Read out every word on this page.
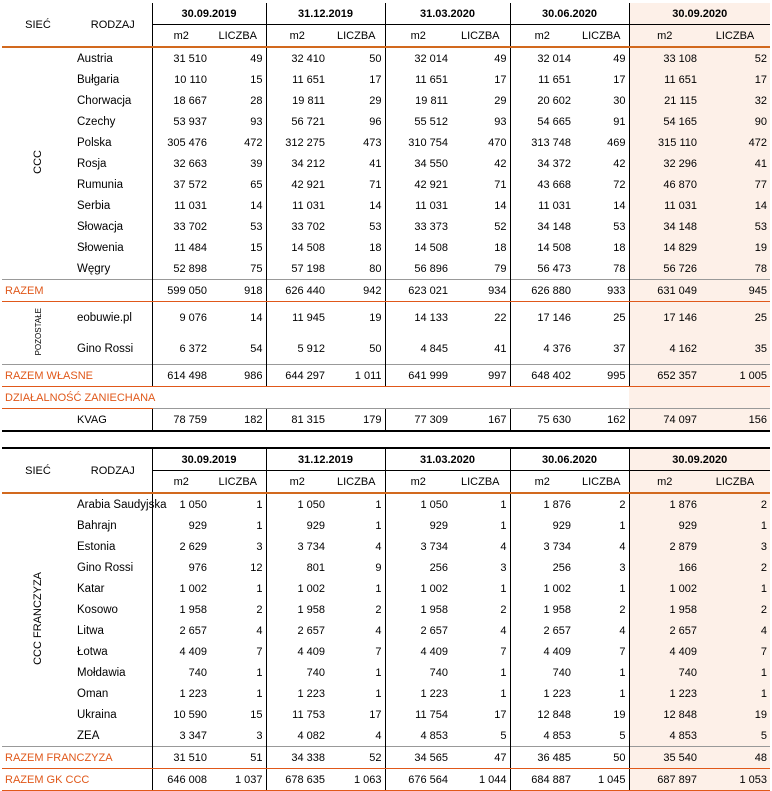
SIEĆ	RODZAJ	30.09.2019		31.12.2019		31.03.2020		30.06.2020		30.09.2020	
		m2	LICZBA	m2	LICZBA	m2	LICZBA	m2	LICZBA	m2	LICZBA
CCC	Austria	31 510	49	32 410	50	32 014	49	32 014	49	33 108	52
	Bułgaria	10 110	15	11 651	17	11 651	17	11 651	17	11 651	17
	Chorwacja	18 667	28	19 811	29	19 811	29	20 602	30	21 115	32
	Czechy	53 937	93	56 721	96	55 512	93	54 665	91	54 165	90
	Polska	305 476	472	312 275	473	310 754	470	313 748	469	315 110	472
	Rosja	32 663	39	34 212	41	34 550	42	34 372	42	32 296	41
	Rumunia	37 572	65	42 921	71	42 921	71	43 668	72	46 870	77
	Serbia	11 031	14	11 031	14	11 031	14	11 031	14	11 031	14
	Słowacja	33 702	53	33 702	53	33 373	52	34 148	53	34 148	53
	Słowenia	11 484	15	14 508	18	14 508	18	14 508	18	14 829	19
	Węgry	52 898	75	57 198	80	56 896	79	56 473	78	56 726	78
RAZEM		599 050	918	626 440	942	623 021	934	626 880	933	631 049	945
POZOSTAŁE	eobuwie.pl	9 076	14	11 945	19	14 133	22	17 146	25	17 146	25
	Gino Rossi	6 372	54	5 912	50	4 845	41	4 376	37	4 162	35
RAZEM WŁASNE		614 498	986	644 297	1 011	641 999	997	648 402	995	652 357	1 005
DZIAŁALNOŚĆ ZANIECHANA											
	KVAG	78 759	182	81 315	179	77 309	167	75 630	162	74 097	156
SIEĆ	RODZAJ	30.09.2019		31.12.2019		31.03.2020		30.06.2020		30.09.2020	
		m2	LICZBA	m2	LICZBA	m2	LICZBA	m2	LICZBA	m2	LICZBA
CCC FRANCZYZA	Arabia Saudyjska	1 050	1	1 050	1	1 050	1	1 876	2	1 876	2
	Bahrajn	929	1	929	1	929	1	929	1	929	1
	Estonia	2 629	3	3 734	4	3 734	4	3 734	4	2 879	3
	Gino Rossi	976	12	801	9	256	3	256	3	166	2
	Katar	1 002	1	1 002	1	1 002	1	1 002	1	1 002	1
	Kosowo	1 958	2	1 958	2	1 958	2	1 958	2	1 958	2
	Litwa	2 657	4	2 657	4	2 657	4	2 657	4	2 657	4
	Łotwa	4 409	7	4 409	7	4 409	7	4 409	7	4 409	7
	Mołdawia	740	1	740	1	740	1	740	1	740	1
	Oman	1 223	1	1 223	1	1 223	1	1 223	1	1 223	1
	Ukraina	10 590	15	11 753	17	11 754	17	12 848	19	12 848	19
	ZEA	3 347	3	4 082	4	4 853	5	4 853	5	4 853	5
RAZEM FRANCZYZA		31 510	51	34 338	52	34 565	47	36 485	50	35 540	48
RAZEM GK CCC		646 008	1 037	678 635	1 063	676 564	1 044	684 887	1 045	687 897	1 053
